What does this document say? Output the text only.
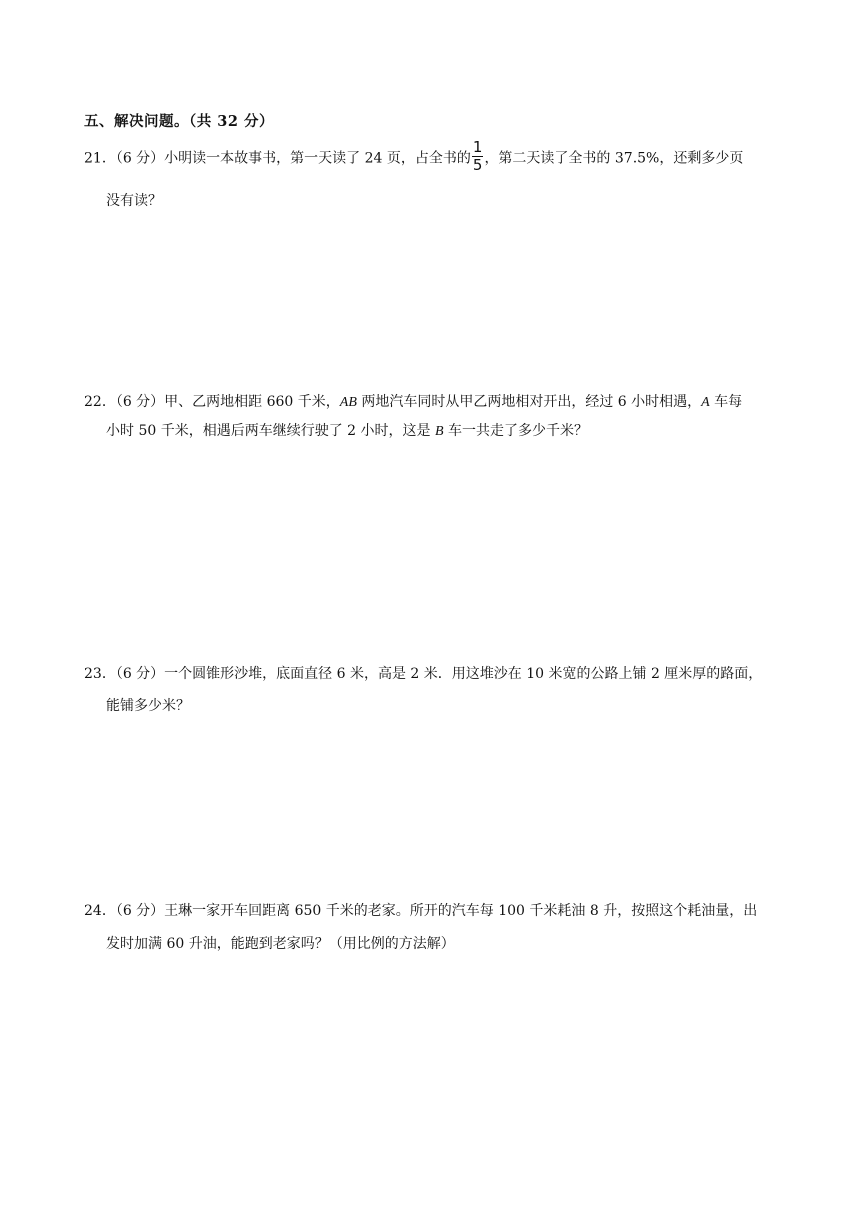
五、解决问题。（共 32 分）
21．（6 分）小明读一本故事书，第一天读了 24 页，占全书的 $\frac{1}{5}$ ，第二天读了全书的 37.5%，还剩多少页
没有读？
22．（6 分）甲、乙两地相距 660 千米，AB 两地汽车同时从甲乙两地相对开出，经过 6 小时相遇，A 车每
小时 50 千米，相遇后两车继续行驶了 2 小时，这是 B 车一共走了多少千米？
23．（6 分）一个圆锥形沙堆，底面直径 6 米，高是 2 米．用这堆沙在 10 米宽的公路上铺 2 厘米厚的路面，
能铺多少米？
24．（6 分）王琳一家开车回距离 650 千米的老家。所开的汽车每 100 千米耗油 8 升，按照这个耗油量，出
发时加满 60 升油，能跑到老家吗？（用比例的方法解）
